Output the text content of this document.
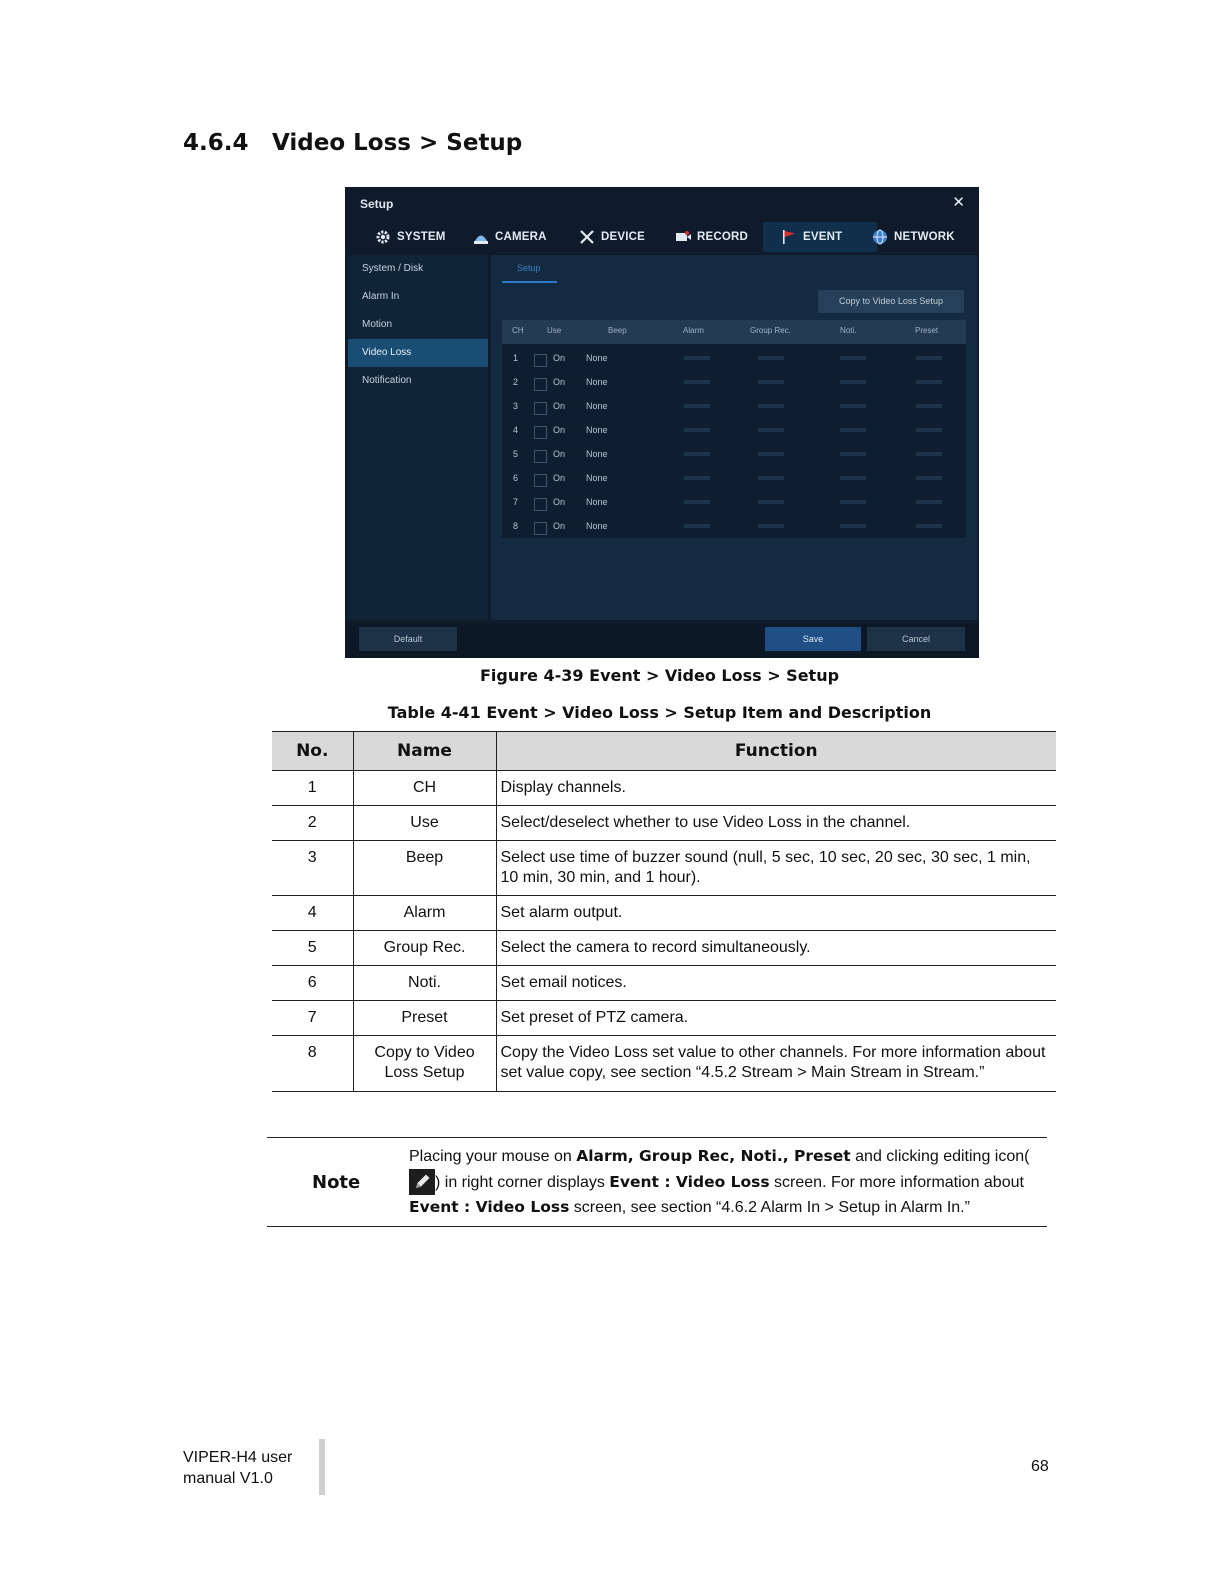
4.6.4 Video Loss > Setup
Setup	✕
SYSTEM	CAMERA	DEVICE	RECORD	EVENT	NETWORK
System / Disk
Alarm In
Motion
Video Loss
Notification
Setup
Copy to Video Loss Setup
CH	Use	Beep	Alarm	Group Rec.	Noti.	Preset
1	On None
2	On None
3	On None
4	On None
5	On None
6	On None
7	On None
8	On None
Default	Save	Cancel
Figure 4-39 Event > Video Loss > Setup
Table 4-41 Event > Video Loss > Setup Item and Description
No.	Name	Function
1	CH	Display channels.
2	Use	Select/deselect whether to use Video Loss in the channel.
3	Beep	Select use time of buzzer sound (null, 5 sec, 10 sec, 20 sec, 30 sec, 1 min, 10 min, 30 min, and 1 hour).
4	Alarm	Set alarm output.
5	Group Rec.	Select the camera to record simultaneously.
6	Noti.	Set email notices.
7	Preset	Set preset of PTZ camera.
8	Copy to Video Loss Setup	Copy the Video Loss set value to other channels. For more information about set value copy, see section “4.5.2 Stream > Main Stream in Stream.”
Note
Placing your mouse on Alarm, Group Rec, Noti., Preset and clicking editing icon() in right corner displays Event : Video Loss screen. For more information about Event : Video Loss screen, see section “4.6.2 Alarm In > Setup in Alarm In.”
VIPER-H4 user
manual V1.0
68
